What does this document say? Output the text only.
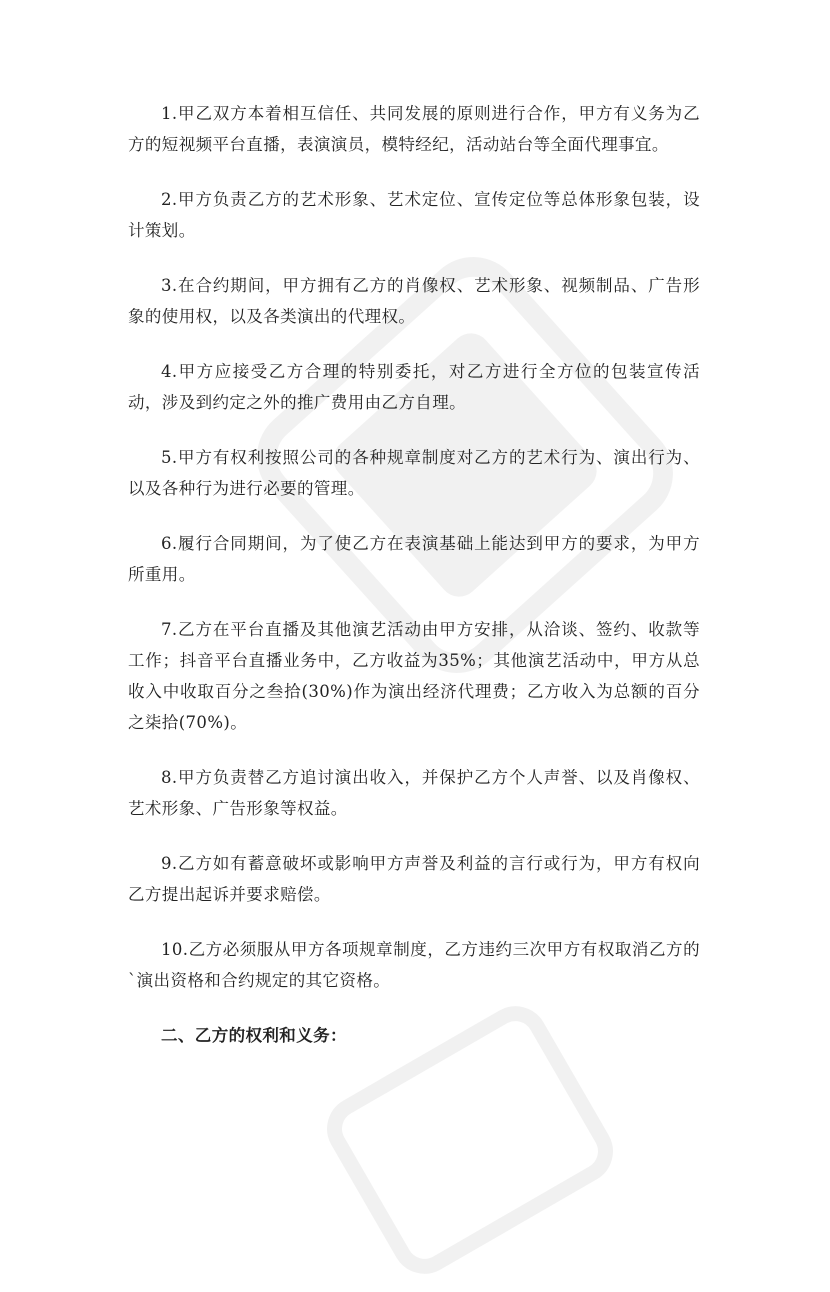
1.甲乙双方本着相互信任、共同发展的原则进行合作，甲方有义务为乙方的短视频平台直播，表演演员，模特经纪，活动站台等全面代理事宜。

2.甲方负责乙方的艺术形象、艺术定位、宣传定位等总体形象包装，设计策划。

3.在合约期间，甲方拥有乙方的肖像权、艺术形象、视频制品、广告形象的使用权，以及各类演出的代理权。

4.甲方应接受乙方合理的特别委托，对乙方进行全方位的包装宣传活动，涉及到约定之外的推广费用由乙方自理。

5.甲方有权利按照公司的各种规章制度对乙方的艺术行为、演出行为、以及各种行为进行必要的管理。

6.履行合同期间，为了使乙方在表演基础上能达到甲方的要求，为甲方所重用。

7.乙方在平台直播及其他演艺活动由甲方安排，从洽谈、签约、收款等工作；抖音平台直播业务中，乙方收益为35%；其他演艺活动中，甲方从总收入中收取百分之叁拾(30%)作为演出经济代理费；乙方收入为总额的百分之柒拾(70%)。

8.甲方负责替乙方追讨演出收入，并保护乙方个人声誉、以及肖像权、艺术形象、广告形象等权益。

9.乙方如有蓄意破坏或影响甲方声誉及利益的言行或行为，甲方有权向乙方提出起诉并要求赔偿。

10.乙方必须服从甲方各项规章制度，乙方违约三次甲方有权取消乙方的`演出资格和合约规定的其它资格。

二、乙方的权利和义务：
